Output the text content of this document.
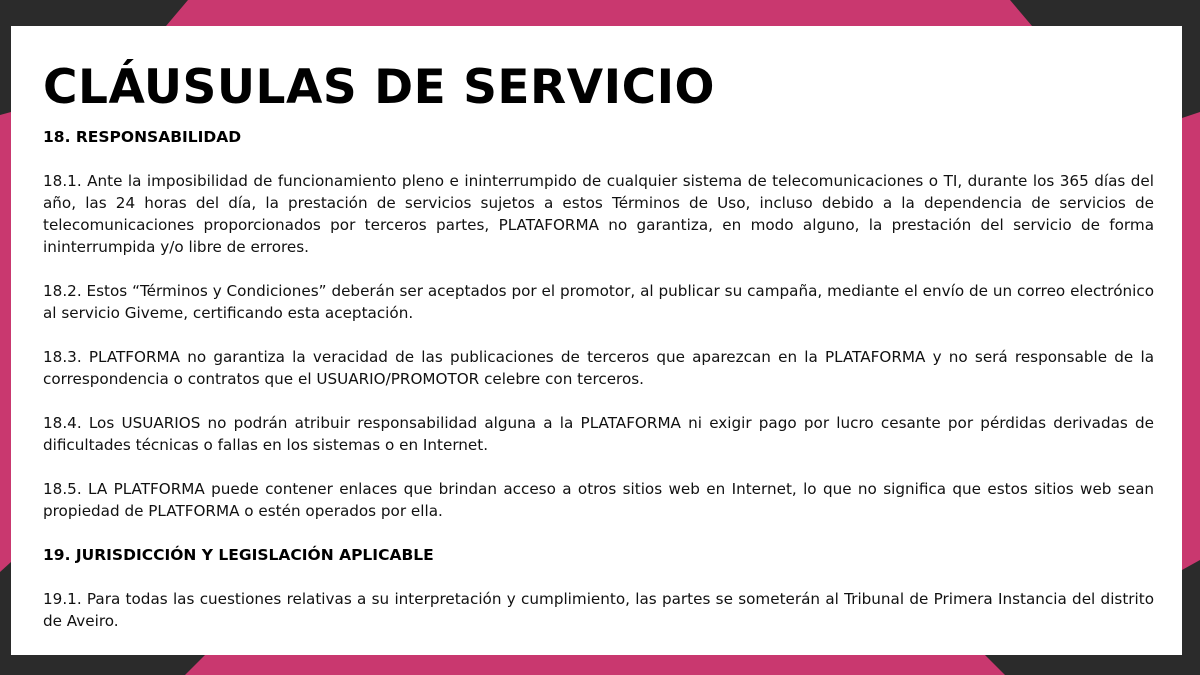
CLÁUSULAS DE SERVICIO
18. RESPONSABILIDAD

18.1. Ante la imposibilidad de funcionamiento pleno e ininterrumpido de cualquier sistema de telecomunicaciones o TI, durante los 365 días del año, las 24 horas del día, la prestación de servicios sujetos a estos Términos de Uso, incluso debido a la dependencia de servicios de telecomunicaciones proporcionados por terceros partes, PLATAFORMA no garantiza, en modo alguno, la prestación del servicio de forma ininterrumpida y/o libre de errores.

18.2. Estos “Términos y Condiciones” deberán ser aceptados por el promotor, al publicar su campaña, mediante el envío de un correo electrónico al servicio Giveme, certificando esta aceptación.

18.3. PLATFORMA no garantiza la veracidad de las publicaciones de terceros que aparezcan en la PLATAFORMA y no será responsable de la correspondencia o contratos que el USUARIO/PROMOTOR celebre con terceros.

18.4. Los USUARIOS no podrán atribuir responsabilidad alguna a la PLATAFORMA ni exigir pago por lucro cesante por pérdidas derivadas de dificultades técnicas o fallas en los sistemas o en Internet.

18.5. LA PLATFORMA puede contener enlaces que brindan acceso a otros sitios web en Internet, lo que no significa que estos sitios web sean propiedad de PLATFORMA o estén operados por ella.

19. JURISDICCIÓN Y LEGISLACIÓN APLICABLE

19.1. Para todas las cuestiones relativas a su interpretación y cumplimiento, las partes se someterán al Tribunal de Primera Instancia del distrito de Aveiro.
